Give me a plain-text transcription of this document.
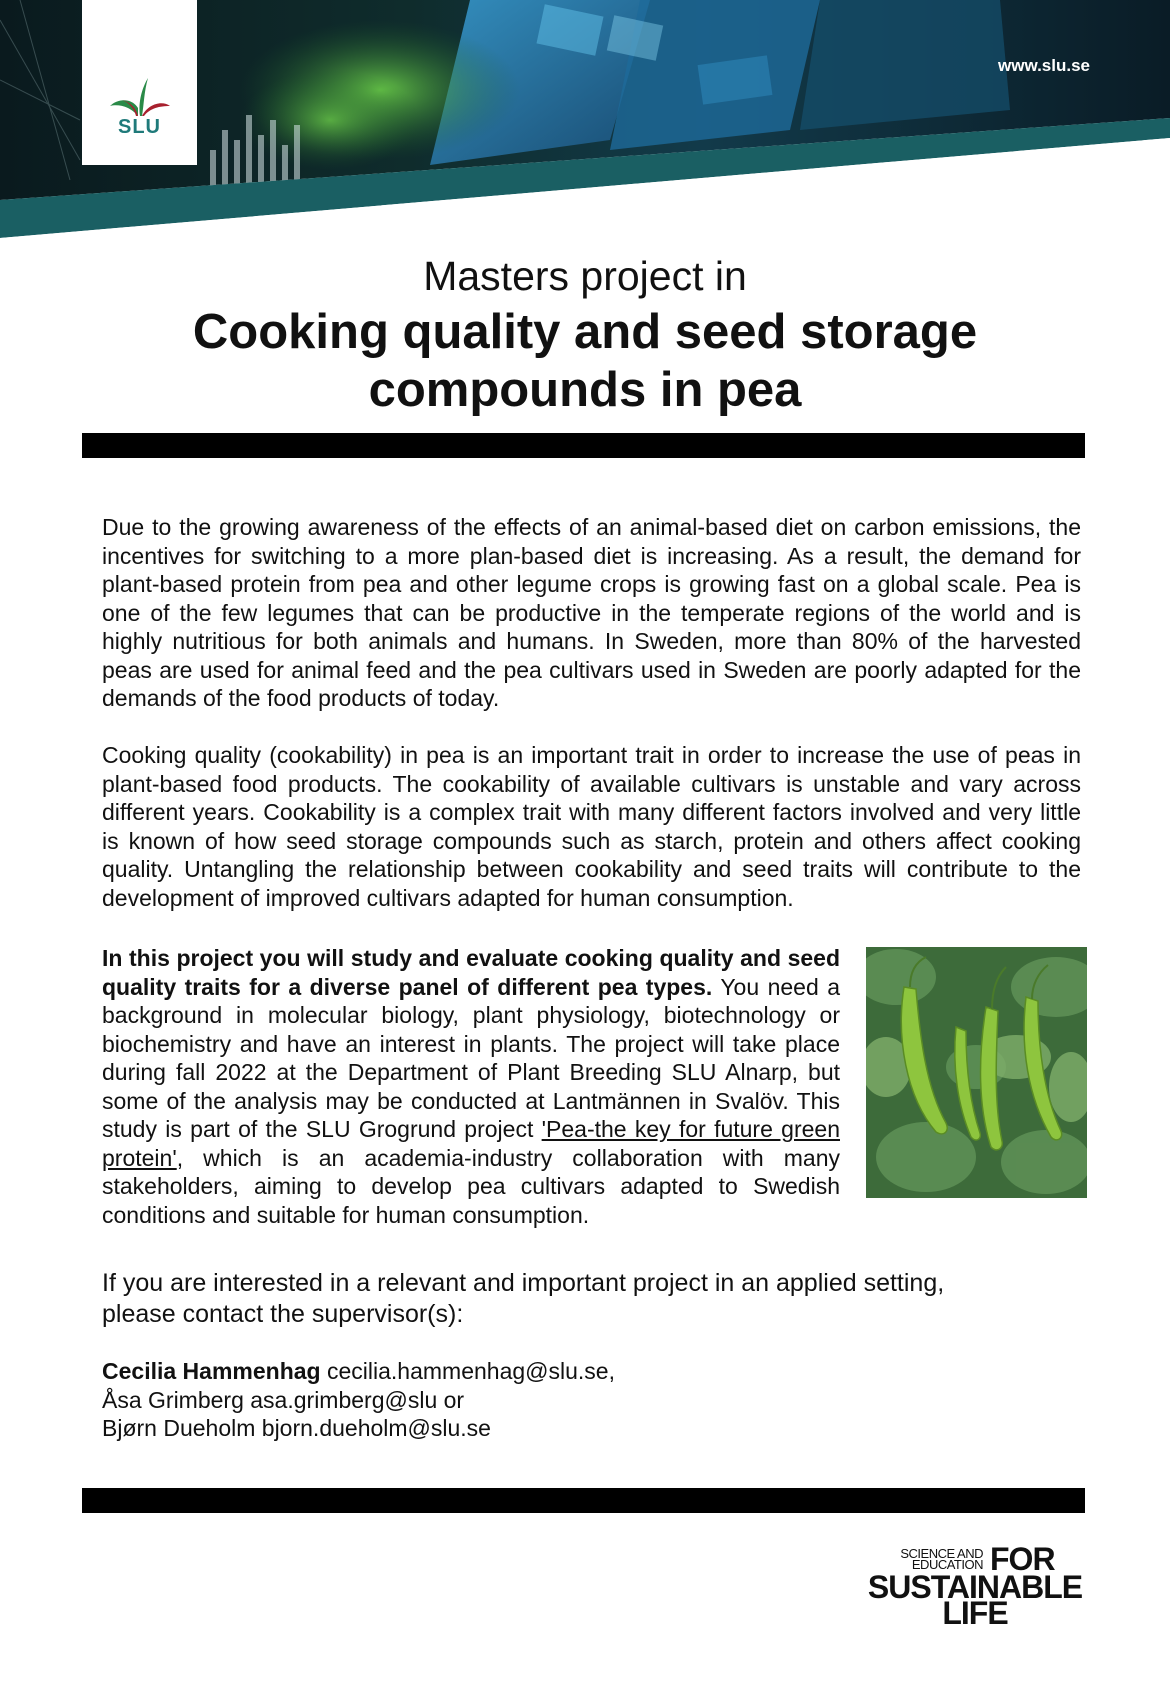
SLU
www.slu.se
Masters project in
Cooking quality and seed storage
compounds in pea
Due to the growing awareness of the effects of an animal-based diet on carbon emissions, the incentives for switching to a more plan-based diet is increasing. As a result, the demand for plant-based protein from pea and other legume crops is growing fast on a global scale. Pea is one of the few legumes that can be productive in the temperate regions of the world and is highly nutritious for both animals and humans. In Sweden, more than 80% of the harvested peas are used for animal feed and the pea cultivars used in Sweden are poorly adapted for the demands of the food products of today.
Cooking quality (cookability) in pea is an important trait in order to increase the use of peas in plant-based food products. The cookability of available cultivars is unstable and vary across different years. Cookability is a complex trait with many different factors involved and very little is known of how seed storage compounds such as starch, protein and others affect cooking quality. Untangling the relationship between cookability and seed traits will contribute to the development of improved cultivars adapted for human consumption.
In this project you will study and evaluate cooking quality and seed quality traits for a diverse panel of different pea types. You need a background in molecular biology, plant physiology, biotechnology or biochemistry and have an interest in plants. The project will take place during fall 2022 at the Department of Plant Breeding SLU Alnarp, but some of the analysis may be conducted at Lantmännen in Svalöv. This study is part of the SLU Grogrund project 'Pea-the key for future green protein', which is an academia-industry collaboration with many stakeholders, aiming to develop pea cultivars adapted to Swedish conditions and suitable for human consumption.
If you are interested in a relevant and important project in an applied setting, please contact the supervisor(s):
Cecilia Hammenhag cecilia.hammenhag@slu.se,
Åsa Grimberg asa.grimberg@slu or
Bjørn Dueholm bjorn.dueholm@slu.se
SCIENCE AND
EDUCATION FOR
SUSTAINABLE
LIFE
